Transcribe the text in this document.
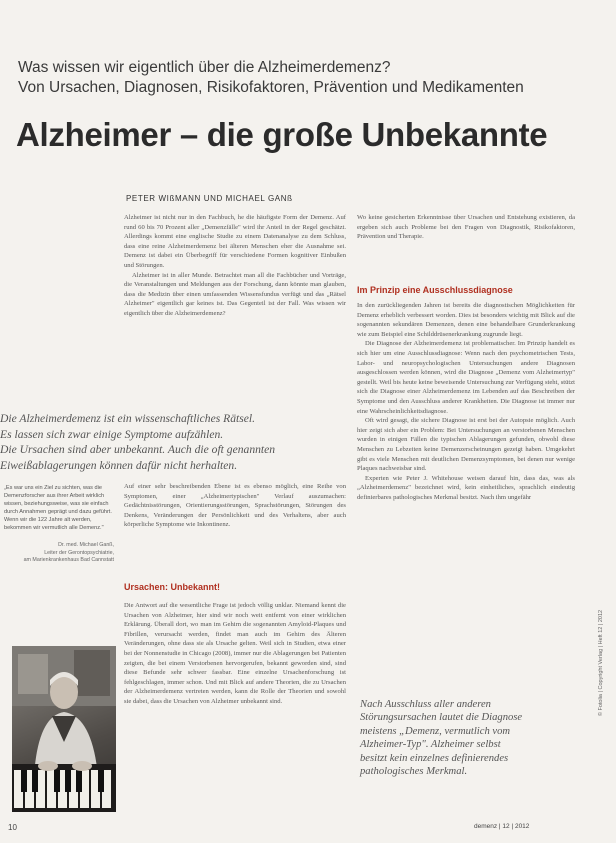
Was wissen wir eigentlich über die Alzheimerdemenz?
Von Ursachen, Diagnosen, Risikofaktoren, Prävention und Medikamenten
Alzheimer – die große Unbekannte
PETER WIßMANN UND MICHAEL GANß

Alzheimer ist nicht nur in den Fachbuch, he die häufigste Form der Demenz. Auf rund 60 bis 70 Prozent aller „Demenzfälle" wird ihr Anteil in der Regel geschätzt. Allerdings kommt eine englische Studie zu einem Datenanalyse zu dem Schluss, dass eine reine Alzheimerdemenz bei älteren Menschen eher die Ausnahme sei. Demenz ist dabei ein Überbegriff für verschiedene Formen kognitiver Einbußen und Störungen.

Alzheimer ist in aller Munde. Betrachtet man all die Fachbücher und Vorträge, die Veranstaltungen und Meldungen aus der Forschung, dann könnte man glauben, dass die Medizin über einen umfassenden Wissensfundus verfügt und das „Rätsel Alzheimer" eigentlich gar keines ist. Das Gegenteil ist der Fall. Was wissen wir eigentlich über die Alzheimerdemenz?

Die Alzheimerdemenz ist ein wissenschaftliches Rätsel.
Es lassen sich zwar einige Symptome aufzählen.
Die Ursachen sind aber unbekannt. Auch die oft genannten
Eiweißablagerungen können dafür nicht herhalten.
„Es war uns ein Ziel zu sichten, was die Demenzforscher aus ihrer Arbeit wirklich wissen, beziehungsweise, was sie einfach durch Annahmen geprägt und dazu geführt. Wenn wir die 122 Jahre alt werden, bekommen wir vermutlich alle Demenz."
Dr. med. Michael Ganß,
Leiter der Gerontopsychiatrie,
am Marienkrankenhaus Bad Cannstatt

Auf einer sehr beschreibenden Ebene ist es ebenso möglich, eine Reihe von Symptomen, einer „Alzheimertypischen" Verlauf auszumachen: Gedächtnisstörungen, Orientierungsstörungen, Sprachstörungen, Störungen des Denkens, Veränderungen der Persönlichkeit und des Verhaltens, aber auch körperliche Symptome wie Inkontinenz.

Ursachen: Unbekannt!

Die Antwort auf die wesentliche Frage ist jedoch völlig unklar. Niemand kennt die Ursachen von Alzheimer, hier sind wir noch weit entfernt von einer wirklichen Erklärung. Überall dort, wo man im Gehirn die sogenannten Amyloid-Plaques und Fibrillen, verursacht werden, findet man auch im Gehirn des Älteren Veränderungen, ohne dass sie als Ursache gelten. Weil sich in Studien, etwa einer bei der Nonnenstudie in Chicago (2008), immer nur die Ablagerungen bei Patienten zeigten, die bei einem Verstorbenen hervorgerufen, bekannt geworden sind, sind diese Befunde sehr schwer fassbar. Eine einzelne Ursachenforschung ist fehlgeschlagen, immer schon. Und mit Blick auf andere Theorien, die zu Ursachen der Alzheimerdemenz vertreten werden, kann die Rolle der Theorien und sowohl sie dabei, dass die Ursachen von Alzheimer unbekannt sind.

Wo keine gesicherten Erkenntnisse über Ursachen und Entstehung existieren, da ergeben sich auch Probleme bei den Fragen von Diagnostik, Risikofaktoren, Prävention und Therapie.

Im Prinzip eine Ausschlussdiagnose

In den zurückliegenden Jahren ist bereits die diagnostischen Möglichkeiten für Demenz erheblich verbessert worden. Dies ist besonders wichtig mit Blick auf die sogenannten sekundären Demenzen, denen eine behandelbare Grunderkrankung wie zum Beispiel eine Schilddrüsenerkrankung zugrunde liegt.

Die Diagnose der Alzheimerdemenz ist problematischer. Im Prinzip handelt es sich hier um eine Ausschlussdiagnose: Wenn nach den psychometrischen Tests, Labor- und neuropsychologischen Untersuchungen andere Diagnosen ausgeschlossen werden können, wird die Diagnose „Demenz vom Alzheimertyp" gestellt. Weil bis heute keine beweisende Untersuchung zur Verfügung steht, stützt sich die Diagnose einer Alzheimerdemenz im Lebenden auf das Beschreiben der Symptome und den Ausschluss anderer Krankheiten. Die Diagnose ist immer nur eine Wahrscheinlichkeitsdiagnose.

Oft wird gesagt, die sichere Diagnose ist erst bei der Autopsie möglich. Auch hier zeigt sich aber ein Problem: Bei Untersuchungen an verstorbenen Menschen wurden in einigen Fällen die typischen Ablagerungen gefunden, obwohl diese Menschen zu Lebzeiten keine Demenzerscheinungen gezeigt haben. Umgekehrt gibt es viele Menschen mit deutlichen Demenzsymptomen, bei denen nur wenige Plaques nachweisbar sind.

Experten wie Peter J. Whitehouse weisen darauf hin, dass das, was als „Alzheimerdemenz" bezeichnet wird, kein einheitliches, sprachlich eindeutig definierbares pathologisches Merkmal besitzt. Nach ihm ungefähr

Nach Ausschluss aller anderen
Störungsursachen lautet die Diagnose
meistens „Demenz, vermutlich vom
Alzheimer-Typ". Alzheimer selbst
besitzt kein einzelnes definierendes
pathologisches Merkmal.
© Fotolia | Copyright Verlag | Heft 12 | 2012
10	demenz | 12 | 2012
